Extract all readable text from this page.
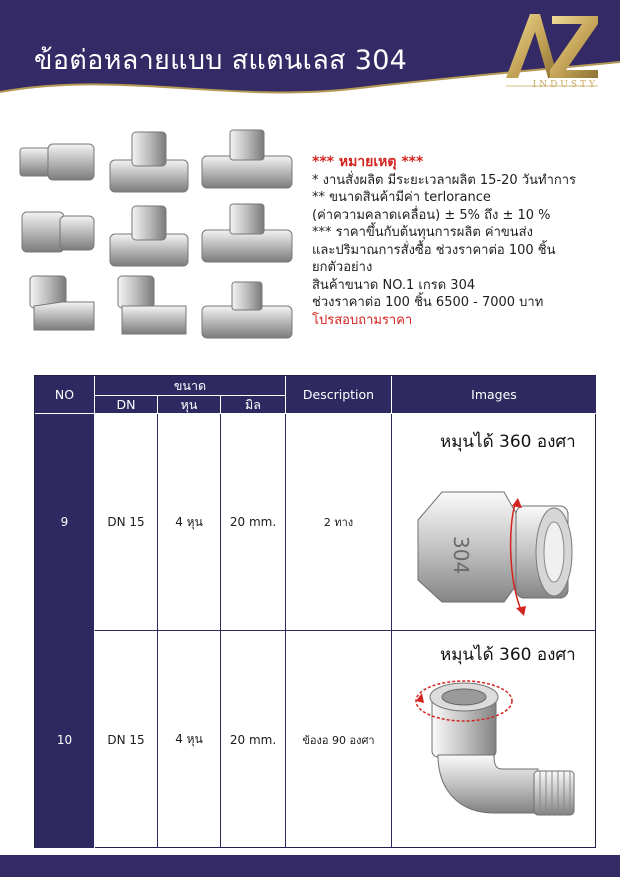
ข้อต่อหลายแบบ สแตนเลส 304
INDUSTY
*** หมายเหตุ ***
* งานสั่งผลิต มีระยะเวลาผลิต 15-20 วันทำการ
** ขนาดสินค้ามีค่า terlorance
(ค่าความคลาดเคลื่อน) ± 5% ถึง ± 10 %
*** ราคาขึ้นกับต้นทุนการผลิต ค่าขนส่ง
และปริมาณการสั่งซื้อ ช่วงราคาต่อ 100 ชิ้น
ยกตัวอย่าง
สินค้าขนาด NO.1 เกรด 304
ช่วงราคาต่อ 100 ชิ้น 6500 - 7000 บาท
โปรสอบถามราคา
NO
ขนาด
DN	หุน	มิล
Description	Images
9	DN 15	4 หุน	20 mm.	2 ทาง
หมุนได้ 360 องศา
304
10	DN 15	4 หุน	20 mm.	ข้องอ 90 องศา
หมุนได้ 360 องศา
